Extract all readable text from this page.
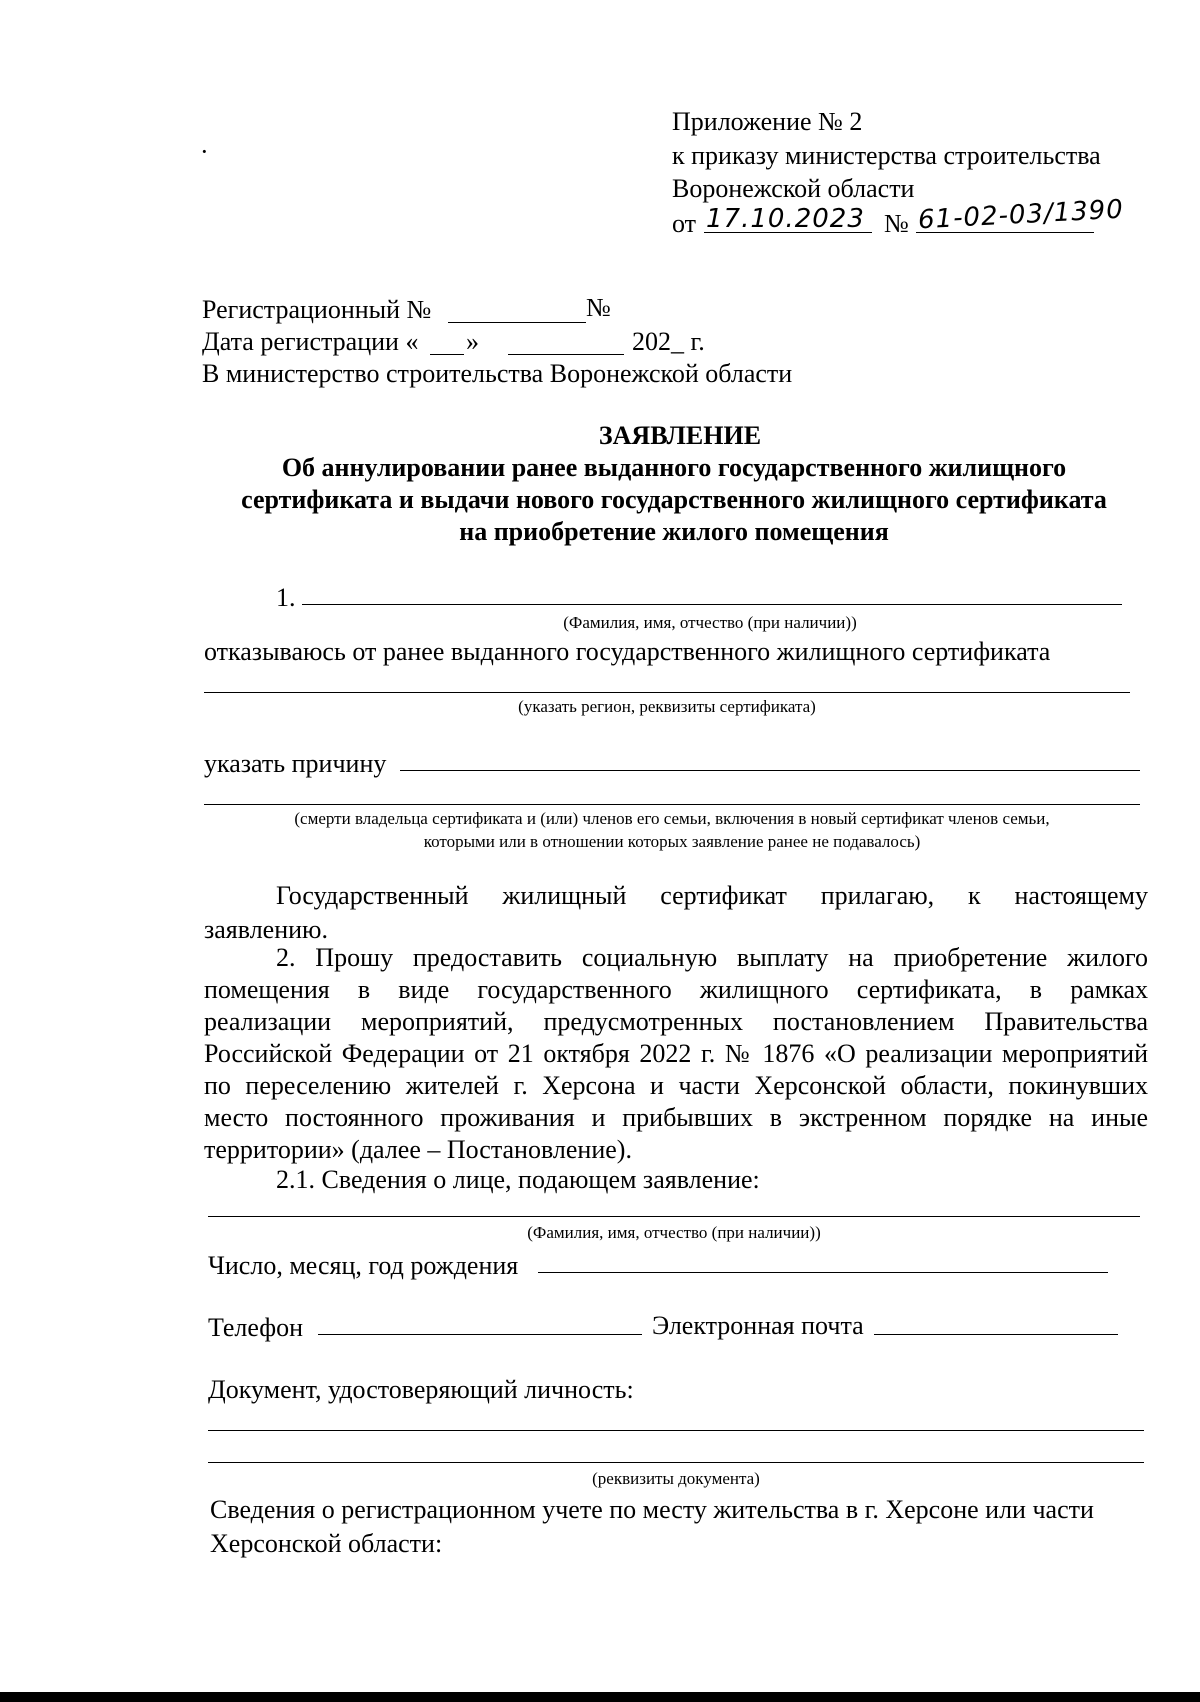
·
Приложение № 2
к приказу министерства строительства
Воронежской области
от 17.10.2023 № 61-02-03/1390
Регистрационный №	№
Дата регистрации « »	202_ г.
В министерство строительства Воронежской области
ЗАЯВЛЕНИЕ
Об аннулировании ранее выданного государственного жилищного
сертификата и выдачи нового государственного жилищного сертификата
на приобретение жилого помещения
1.
(Фамилия, имя, отчество (при наличии))
отказываюсь от ранее выданного государственного жилищного сертификата
(указать регион, реквизиты сертификата)
указать причину
(смерти владельца сертификата и (или) членов его семьи, включения в новый сертификат членов семьи,
которыми или в отношении которых заявление ранее не подавалось)
Государственный жилищный сертификат прилагаю, к настоящему
заявлению.
2. Прошу предоставить социальную выплату на приобретение жилого
помещения в виде государственного жилищного сертификата, в рамках
реализации мероприятий, предусмотренных постановлением Правительства
Российской Федерации от 21 октября 2022 г. № 1876 «О реализации мероприятий
по переселению жителей г. Херсона и части Херсонской области, покинувших
место постоянного проживания и прибывших в экстренном порядке на иные
территории» (далее – Постановление).
2.1. Сведения о лице, подающем заявление:
(Фамилия, имя, отчество (при наличии))
Число, месяц, год рождения
Телефон	Электронная почта
Документ, удостоверяющий личность:
(реквизиты документа)
Сведения о регистрационном учете по месту жительства в г. Херсоне или части
Херсонской области:
